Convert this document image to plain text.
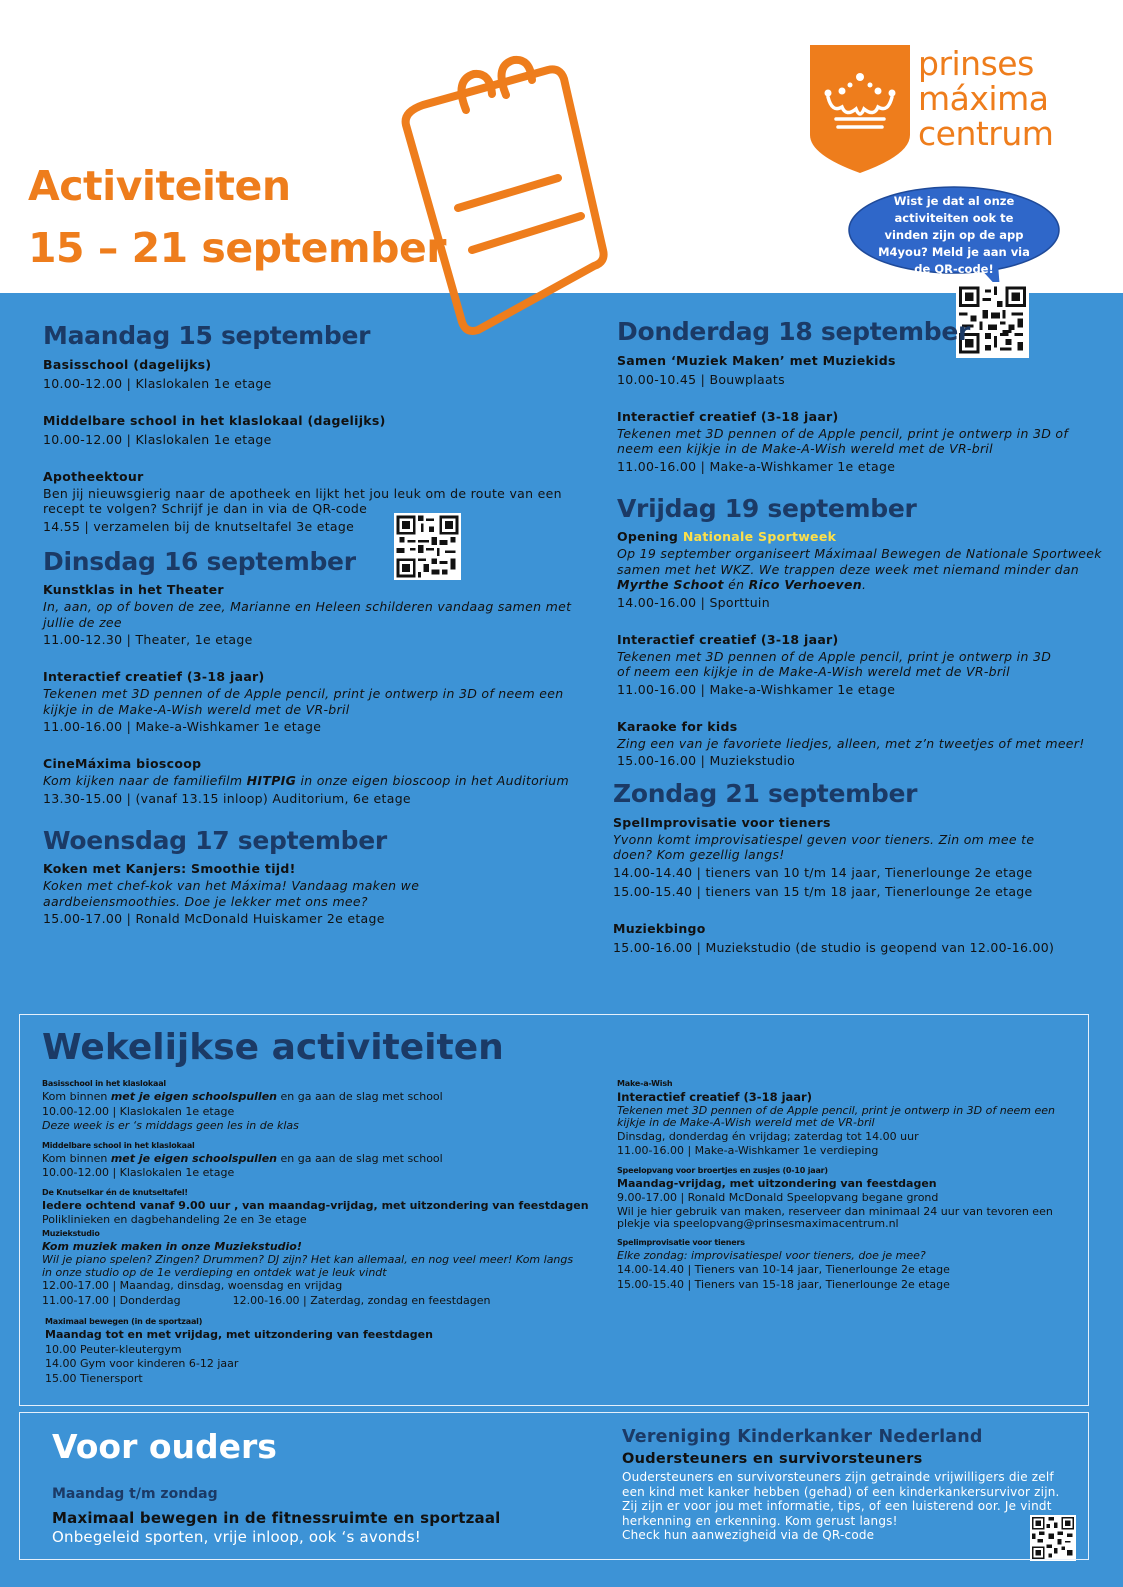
Activiteiten
15 – 21 september
prinses
máxima
centrum
Wist je dat al onze activiteiten ook te vinden zijn op de app M4you? Meld je aan via de QR-code!
Maandag 15 september
Basisschool (dagelijks)
10.00-12.00 | Klaslokalen 1e etage
Middelbare school in het klaslokaal (dagelijks)
10.00-12.00 | Klaslokalen 1e etage
Apotheektour
Ben jij nieuwsgierig naar de apotheek en lijkt het jou leuk om de route van een recept te volgen? Schrijf je dan in via de QR-code
14.55 | verzamelen bij de knutseltafel 3e etage
Dinsdag 16 september
Kunstklas in het Theater
In, aan, op of boven de zee, Marianne en Heleen schilderen vandaag samen met jullie de zee
11.00-12.30 | Theater, 1e etage
Interactief creatief (3-18 jaar)
Tekenen met 3D pennen of de Apple pencil, print je ontwerp in 3D of neem een kijkje in de Make-A-Wish wereld met de VR-bril
11.00-16.00 | Make-a-Wishkamer 1e etage
CineMáxima bioscoop
Kom kijken naar de familiefilm HITPIG in onze eigen bioscoop in het Auditorium
13.30-15.00 | (vanaf 13.15 inloop) Auditorium, 6e etage
Woensdag 17 september
Koken met Kanjers: Smoothie tijd!
Koken met chef-kok van het Máxima! Vandaag maken we aardbeiensmoothies. Doe je lekker met ons mee?
15.00-17.00 | Ronald McDonald Huiskamer 2e etage
Donderdag 18 september
Samen ‘Muziek Maken’ met Muziekids
10.00-10.45 | Bouwplaats
Interactief creatief (3-18 jaar)
Tekenen met 3D pennen of de Apple pencil, print je ontwerp in 3D of neem een kijkje in de Make-A-Wish wereld met de VR-bril
11.00-16.00 | Make-a-Wishkamer 1e etage
Vrijdag 19 september
Opening Nationale Sportweek
Op 19 september organiseert Máximaal Bewegen de Nationale Sportweek samen met het WKZ. We trappen deze week met niemand minder dan Myrthe Schoot én Rico Verhoeven.
14.00-16.00 | Sporttuin
Interactief creatief (3-18 jaar)
Tekenen met 3D pennen of de Apple pencil, print je ontwerp in 3D of neem een kijkje in de Make-A-Wish wereld met de VR-bril
11.00-16.00 | Make-a-Wishkamer 1e etage
Karaoke for kids
Zing een van je favoriete liedjes, alleen, met z’n tweetjes of met meer!
15.00-16.00 | Muziekstudio
Zondag 21 september
SpelImprovisatie voor tieners
Yvonn komt improvisatiespel geven voor tieners. Zin om mee te doen? Kom gezellig langs!
14.00-14.40 | tieners van 10 t/m 14 jaar, Tienerlounge 2e etage
15.00-15.40 | tieners van 15 t/m 18 jaar, Tienerlounge 2e etage
Muziekbingo
15.00-16.00 | Muziekstudio (de studio is geopend van 12.00-16.00)
Wekelijkse activiteiten
Basisschool in het klaslokaal
Kom binnen met je eigen schoolspullen en ga aan de slag met school
10.00-12.00 | Klaslokalen 1e etage
Deze week is er ‘s middags geen les in de klas
Middelbare school in het klaslokaal
Kom binnen met je eigen schoolspullen en ga aan de slag met school
10.00-12.00 | Klaslokalen 1e etage
De Knutselkar én de knutseltafel!
Iedere ochtend vanaf 9.00 uur , van maandag-vrijdag, met uitzondering van feestdagen
Poliklinieken en dagbehandeling 2e en 3e etage
Muziekstudio
Kom muziek maken in onze Muziekstudio!
Wil je piano spelen? Zingen? Drummen? DJ zijn? Het kan allemaal, en nog veel meer! Kom langs in onze studio op de 1e verdieping en ontdek wat je leuk vindt
12.00-17.00 | Maandag, dinsdag, woensdag en vrijdag
11.00-17.00 | Donderdag	12.00-16.00 | Zaterdag, zondag en feestdagen
Maximaal bewegen (in de sportzaal)
Maandag tot en met vrijdag, met uitzondering van feestdagen
10.00 Peuter-kleutergym
14.00 Gym voor kinderen 6-12 jaar
15.00 Tienersport
Make-a-Wish
Interactief creatief (3-18 jaar)
Tekenen met 3D pennen of de Apple pencil, print je ontwerp in 3D of neem een kijkje in de Make-A-Wish wereld met de VR-bril
Dinsdag, donderdag én vrijdag; zaterdag tot 14.00 uur
11.00-16.00 | Make-a-Wishkamer 1e verdieping
Speelopvang voor broertjes en zusjes (0-10 jaar)
Maandag-vrijdag, met uitzondering van feestdagen
9.00-17.00 | Ronald McDonald Speelopvang begane grond
Wil je hier gebruik van maken, reserveer dan minimaal 24 uur van tevoren een plekje via speelopvang@prinsesmaximacentrum.nl
Spelimprovisatie voor tieners
Elke zondag: improvisatiespel voor tieners, doe je mee?
14.00-14.40 | Tieners van 10-14 jaar, Tienerlounge 2e etage
15.00-15.40 | Tieners van 15-18 jaar, Tienerlounge 2e etage
Voor ouders
Maandag t/m zondag
Maximaal bewegen in de fitnessruimte en sportzaal
Onbegeleid sporten, vrije inloop, ook ‘s avonds!
Vereniging Kinderkanker Nederland
Oudersteuners en survivorsteuners
Oudersteuners en survivorsteuners zijn getrainde vrijwilligers die zelf een kind met kanker hebben (gehad) of een kinderkankersurvivor zijn. Zij zijn er voor jou met informatie, tips, of een luisterend oor. Je vindt herkenning en erkenning. Kom gerust langs!
Check hun aanwezigheid via de QR-code
